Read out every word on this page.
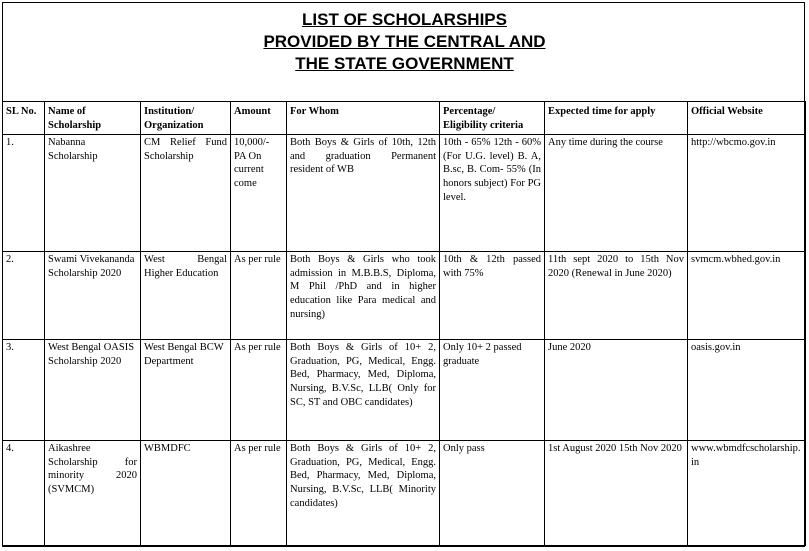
LIST OF SCHOLARSHIPS
PROVIDED BY THE CENTRAL AND
THE STATE GOVERNMENT
SL No.	Name of Scholarship	Institution/ Organization	Amount	For Whom	Percentage/ Eligibility criteria	Expected time for apply	Official Website
1.	Nabanna Scholarship	CM Relief Fund Scholarship	10,000/- PA On current come	Both Boys & Girls of 10th, 12th and graduation Permanent resident of WB	10th - 65% 12th - 60% (For U.G. level) B. A, B.sc, B. Com- 55% (In honors subject) For PG level.	Any time during the course	http://wbcmo.gov.in
2.	Swami Vivekananda Scholarship 2020	West Bengal Higher Education	As per rule	Both Boys & Girls who took admission in M.B.B.S, Diploma, M Phil /PhD and in higher education like Para medical and nursing)	10th & 12th passed with 75%	11th sept 2020 to 15th Nov 2020 (Renewal in June 2020)	svmcm.wbhed.gov.in
3.	West Bengal OASIS Scholarship 2020	West Bengal BCW Department	As per rule	Both Boys & Girls of 10+ 2, Graduation, PG, Medical, Engg. Bed, Pharmacy, Med, Diploma, Nursing, B.V.Sc, LLB( Only for SC, ST and OBC candidates)	Only 10+ 2 passed graduate	June 2020	oasis.gov.in
4.	Aikashree Scholarship for minority 2020 (SVMCM)	WBMDFC	As per rule	Both Boys & Girls of 10+ 2, Graduation, PG, Medical, Engg. Bed, Pharmacy, Med, Diploma, Nursing, B.V.Sc, LLB( Minority candidates)	Only pass	1st August 2020 15th Nov 2020	www.wbmdfcscholarship.in
